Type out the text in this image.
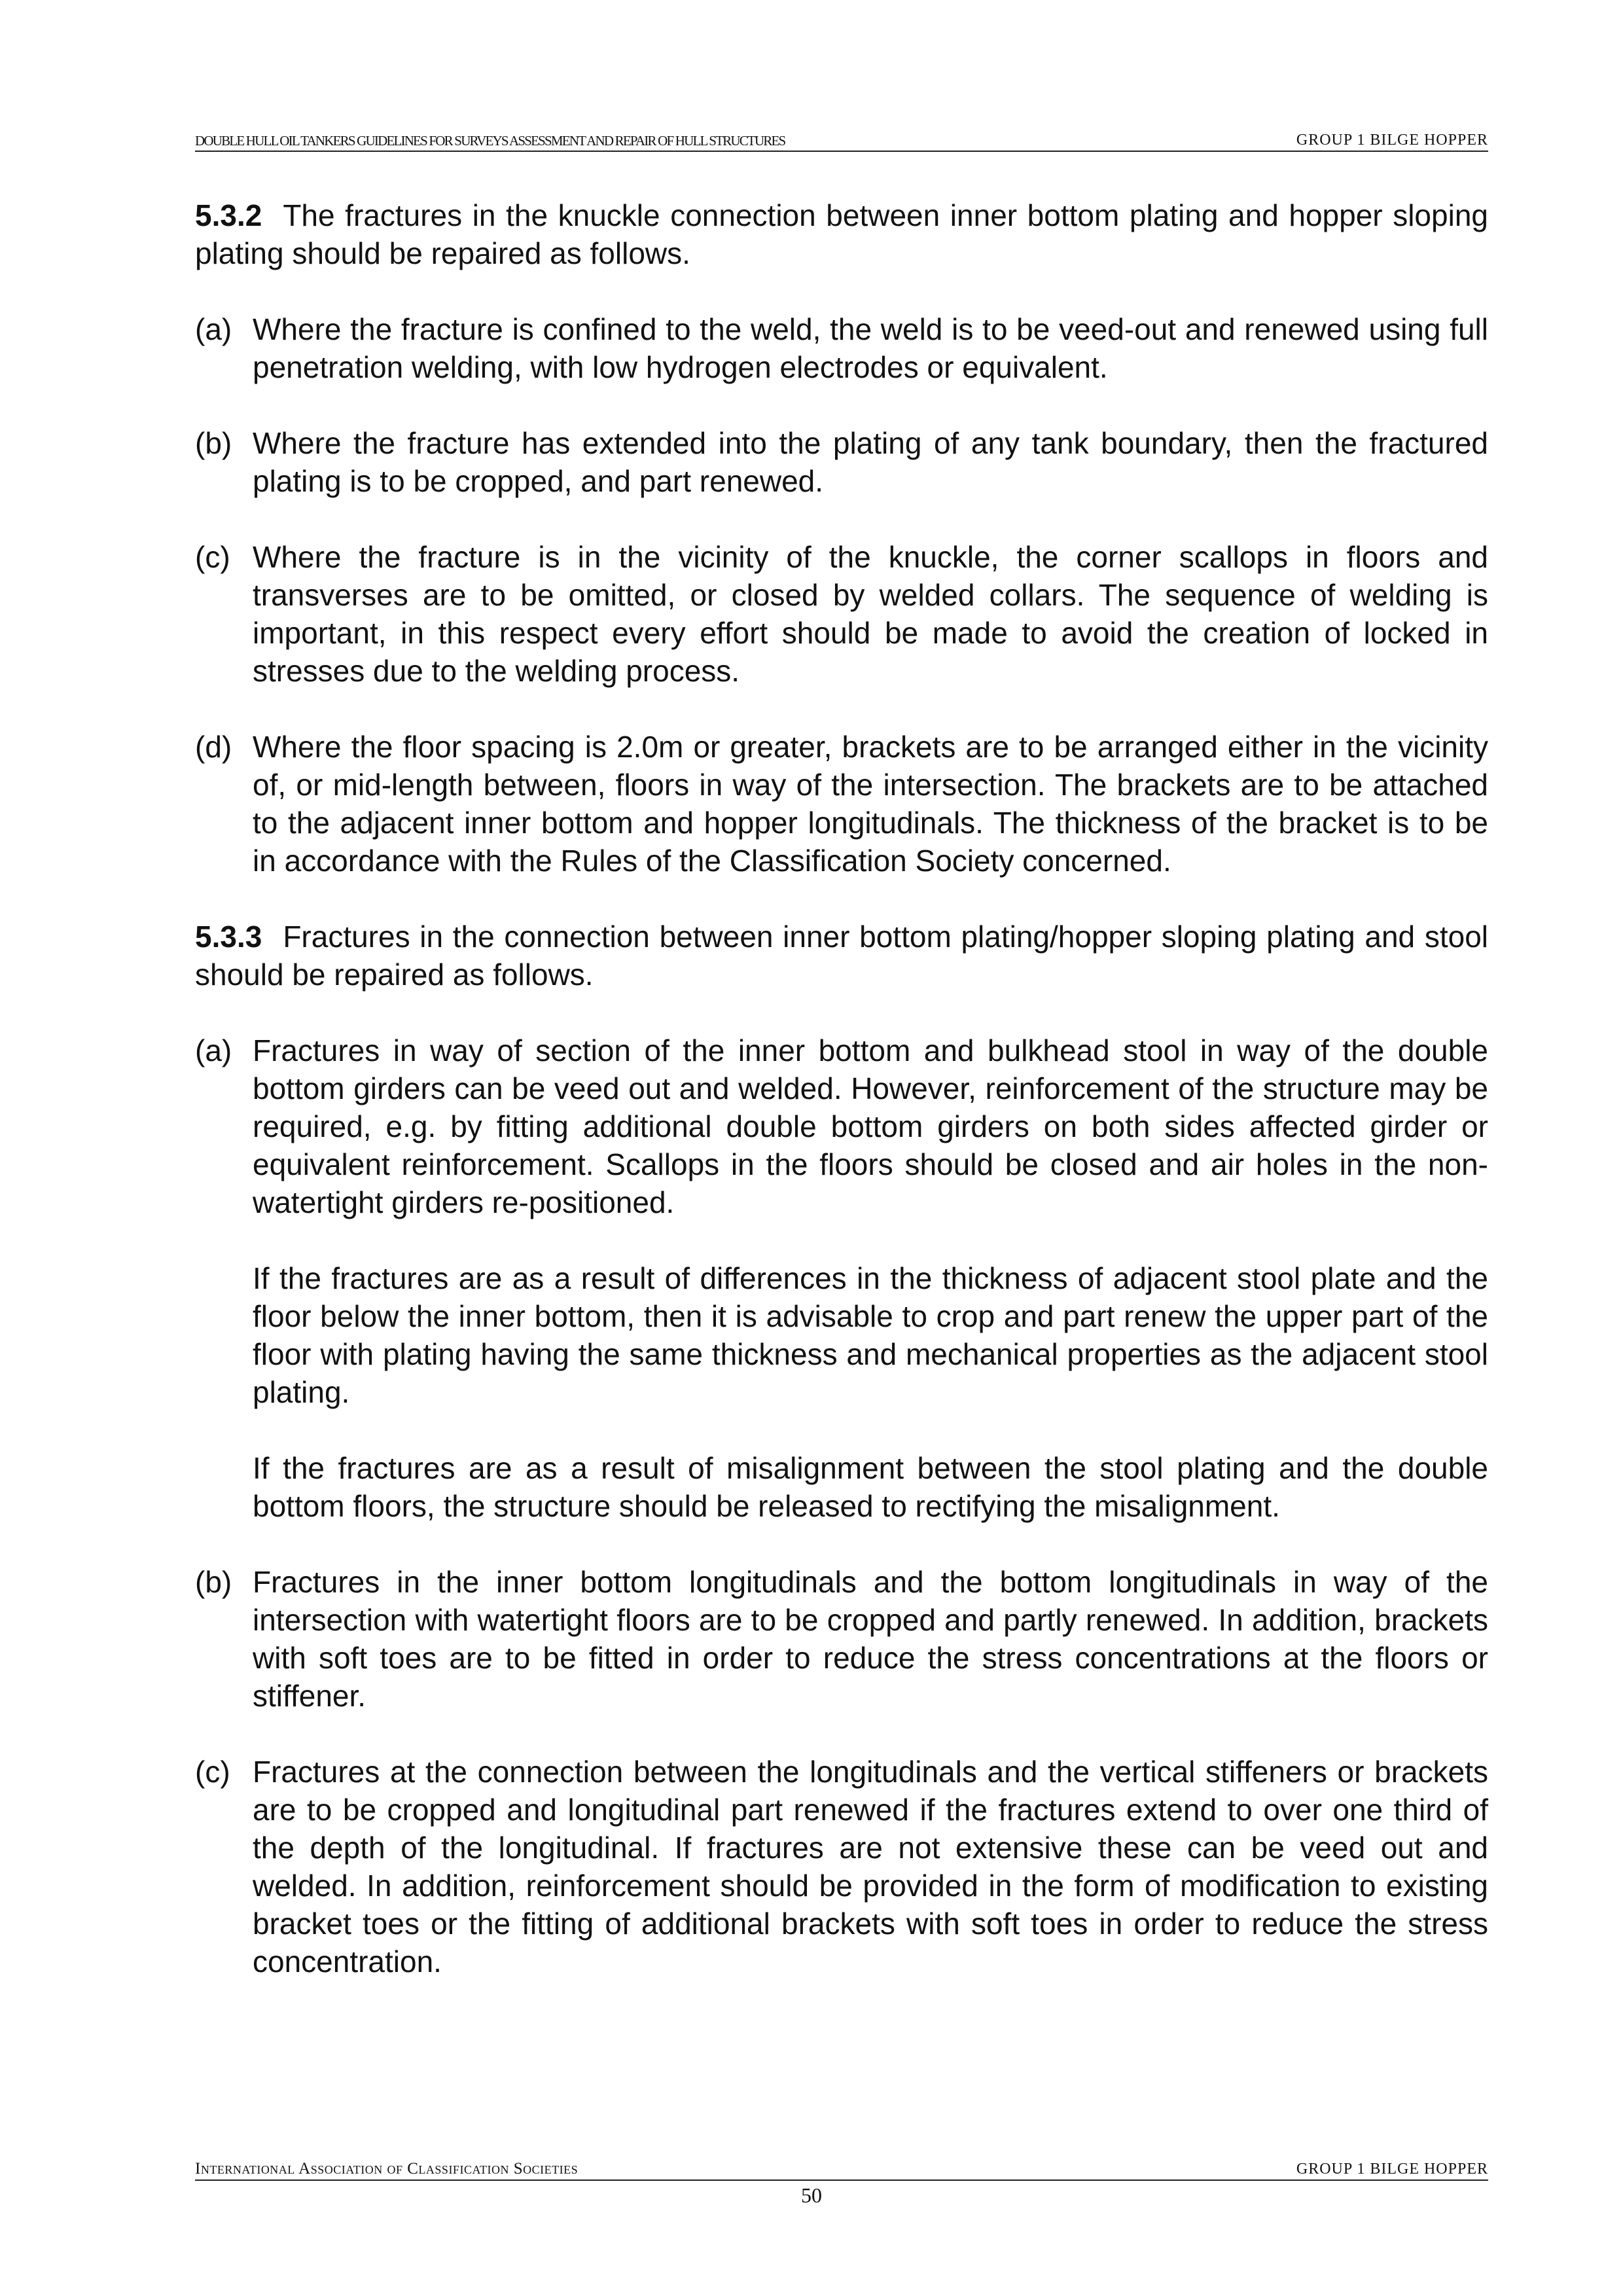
DOUBLE HULL OIL TANKERS GUIDELINES FOR SURVEYS ASSESSMENT AND REPAIR OF HULL STRUCTURES	GROUP 1 BILGE HOPPER

5.3.2 The fractures in the knuckle connection between inner bottom plating and hopper sloping plating should be repaired as follows.

(a) Where the fracture is confined to the weld, the weld is to be veed-out and renewed using full penetration welding, with low hydrogen electrodes or equivalent.

(b) Where the fracture has extended into the plating of any tank boundary, then the fractured plating is to be cropped, and part renewed.

(c) Where the fracture is in the vicinity of the knuckle, the corner scallops in floors and transverses are to be omitted, or closed by welded collars. The sequence of welding is important, in this respect every effort should be made to avoid the creation of locked in stresses due to the welding process.

(d) Where the floor spacing is 2.0m or greater, brackets are to be arranged either in the vicinity of, or mid-length between, floors in way of the intersection. The brackets are to be attached to the adjacent inner bottom and hopper longitudinals. The thickness of the bracket is to be in accordance with the Rules of the Classification Society concerned.

5.3.3 Fractures in the connection between inner bottom plating/hopper sloping plating and stool should be repaired as follows.

(a) Fractures in way of section of the inner bottom and bulkhead stool in way of the double bottom girders can be veed out and welded. However, reinforcement of the structure may be required, e.g. by fitting additional double bottom girders on both sides affected girder or equivalent reinforcement. Scallops in the floors should be closed and air holes in the non-watertight girders re-positioned.

If the fractures are as a result of differences in the thickness of adjacent stool plate and the floor below the inner bottom, then it is advisable to crop and part renew the upper part of the floor with plating having the same thickness and mechanical properties as the adjacent stool plating.

If the fractures are as a result of misalignment between the stool plating and the double bottom floors, the structure should be released to rectifying the misalignment.

(b) Fractures in the inner bottom longitudinals and the bottom longitudinals in way of the intersection with watertight floors are to be cropped and partly renewed. In addition, brackets with soft toes are to be fitted in order to reduce the stress concentrations at the floors or stiffener.

(c) Fractures at the connection between the longitudinals and the vertical stiffeners or brackets are to be cropped and longitudinal part renewed if the fractures extend to over one third of the depth of the longitudinal. If fractures are not extensive these can be veed out and welded. In addition, reinforcement should be provided in the form of modification to existing bracket toes or the fitting of additional brackets with soft toes in order to reduce the stress concentration.

International Association of Classification Societies	GROUP 1 BILGE HOPPER
50
